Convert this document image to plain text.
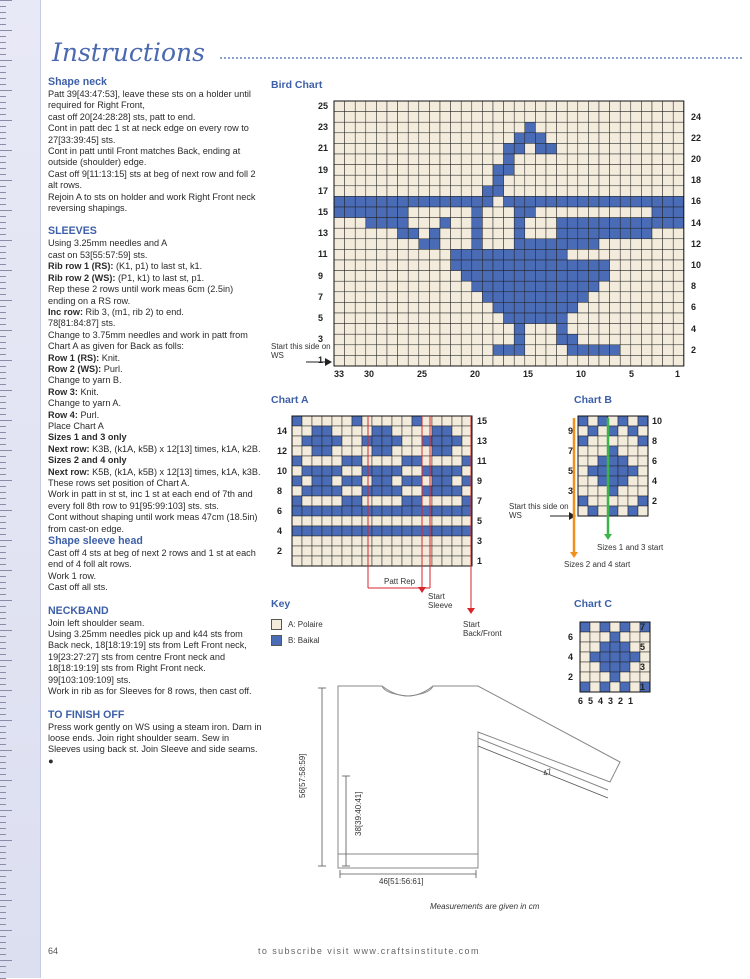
Instructions
Shape neck

Patt 39[43:47:53], leave these sts on a holder until required for Right Front,

cast off 20[24:28:28] sts, patt to end.

Cont in patt dec 1 st at neck edge on every row to 27[33:39:45] sts.

Cont in patt until Front matches Back, ending at outside (shoulder) edge.

Cast off 9[11:13:15] sts at beg of next row and foll 2 alt rows.

Rejoin A to sts on holder and work Right Front neck reversing shapings.

SLEEVES

Using 3.25mm needles and A

cast on 53[55:57:59] sts.

Rib row 1 (RS): (K1, p1) to last st, k1.

Rib row 2 (WS): (P1, k1) to last st, p1.

Rep these 2 rows until work meas 6cm (2.5in) ending on a RS row.

Inc row: Rib 3, (m1, rib 2) to end.

78[81:84:87] sts.

Change to 3.75mm needles and work in patt from Chart A as given for Back as folls:

Row 1 (RS): Knit.

Row 2 (WS): Purl.

Change to yarn B.

Row 3: Knit.

Change to yarn A.

Row 4: Purl.

Place Chart A

Sizes 1 and 3 only

Next row: K3B, (k1A, k5B) x 12[13] times, k1A, k2B.

Sizes 2 and 4 only

Next row: K5B, (k1A, k5B) x 12[13] times, k1A, k3B.

These rows set position of Chart A.

Work in patt in st st, inc 1 st at each end of 7th and every foll 8th row to 91[95:99:103] sts. sts.

Cont without shaping until work meas 47cm (18.5in) from cast-on edge.

Shape sleeve head

Cast off 4 sts at beg of next 2 rows and 1 st at each end of 4 foll alt rows.

Work 1 row.

Cast off all sts.

NECKBAND

Join left shoulder seam.

Using 3.25mm needles pick up and k44 sts from Back neck, 18[18:19:19] sts from Left Front neck, 19[23:27:27] sts from centre Front neck and 18[18:19:19] sts from Right Front neck. 99[103:109:109] sts.

Work in rib as for Sleeves for 8 rows, then cast off.

TO FINISH OFF

Press work gently on WS using a steam iron. Darn in loose ends. Join right shoulder seam. Sew in Sleeves using back st. Join Sleeve and side seams. ●

Bird Chart
Chart A	Chart B
Key	Chart C
25
23
21
19
17
15
13
11
9
7
5
3
1
24
22
20
18
16
14
12
10
8
6
4
2
33 30	25	20	15	10	5	1
Start this side on WS
15
13
11
9
7
5
3
1
14
12
10
8
6
4
2
Patt Rep
Start Sleeve
Start Back/Front
9
7
5
3
10
8
6
4
2
Start this side on WS
Sizes 1 and 3 start
Sizes 2 and 4 start
6
4
2
7
5
3
1
6 5 4 3 2 1
A: Polaire
B: Baikal
56[57:58:59]
38[39:40:41]
47
46[51:56:61]
Measurements are given in cm
64	to subscribe visit www.craftsinstitute.com
